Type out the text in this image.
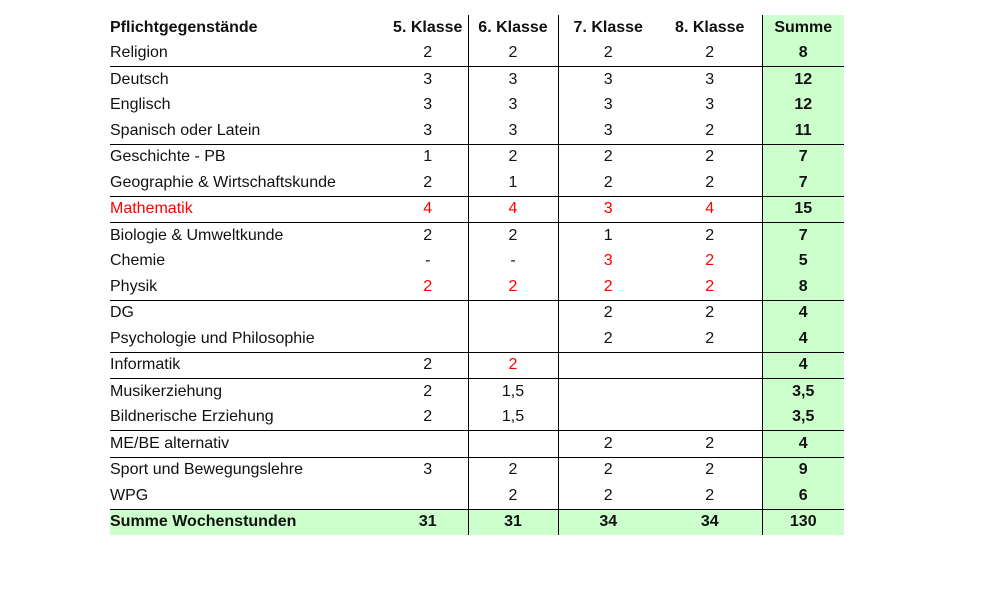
Pflichtgegenstände	5. Klasse	6. Klasse	7. Klasse	8. Klasse	Summe
Religion	2	2	2	2	8
Deutsch	3	3	3	3	12
Englisch	3	3	3	3	12
Spanisch oder Latein	3	3	3	2	11
Geschichte - PB	1	2	2	2	7
Geographie & Wirtschaftskunde	2	1	2	2	7
Mathematik	4	4	3	4	15
Biologie & Umweltkunde	2	2	1	2	7
Chemie	-	-	3	2	5
Physik	2	2	2	2	8
DG			2	2	4
Psychologie und Philosophie			2	2	4
Informatik	2	2			4
Musikerziehung	2	1,5			3,5
Bildnerische Erziehung	2	1,5			3,5
ME/BE alternativ			2	2	4
Sport und Bewegungslehre	3	2	2	2	9
WPG		2	2	2	6
Summe Wochenstunden	31	31	34	34	130
